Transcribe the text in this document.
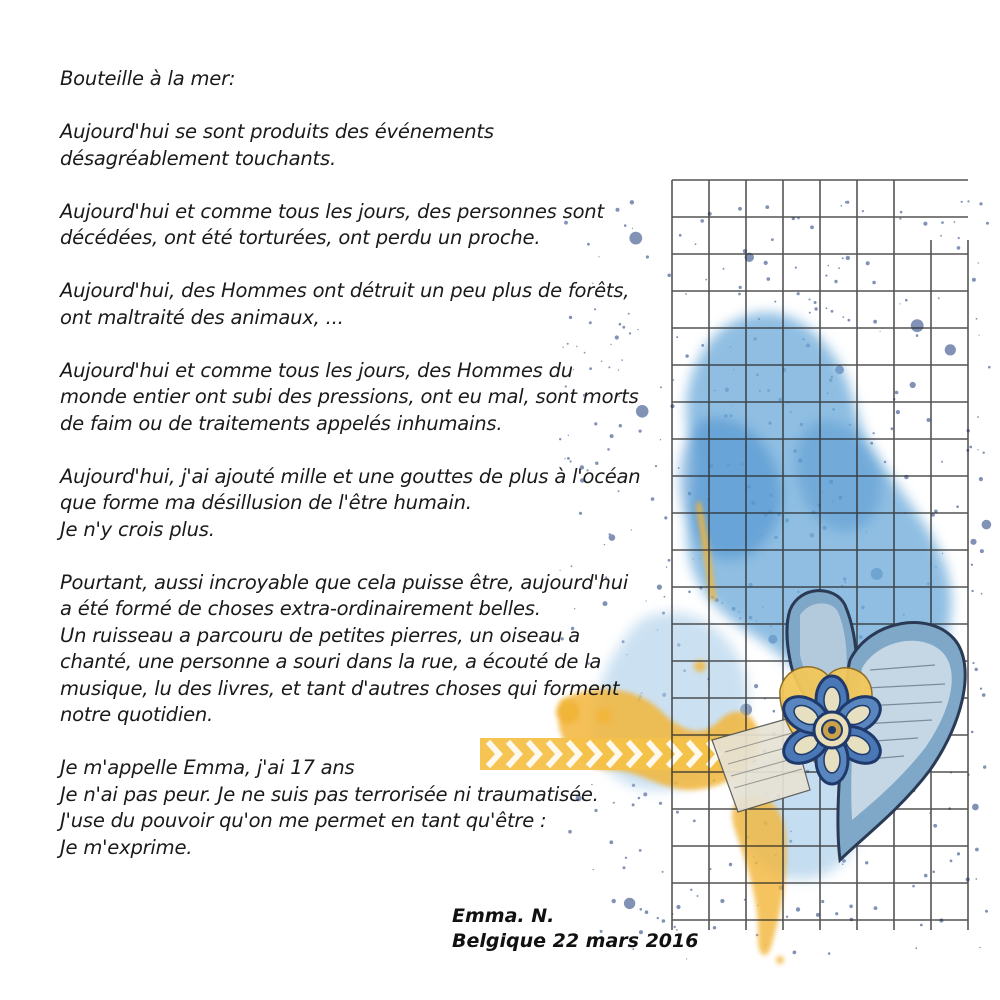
Bouteille à la mer:

Aujourd'hui se sont produits des événements
désagréablement touchants.

Aujourd'hui et comme tous les jours, des personnes sont
décédées, ont été torturées, ont perdu un proche.

Aujourd'hui, des Hommes ont détruit un peu plus de forêts,
ont maltraité des animaux, ...

Aujourd'hui et comme tous les jours, des Hommes du
monde entier ont subi des pressions, ont eu mal, sont morts
de faim ou de traitements appelés inhumains.

Aujourd'hui, j'ai ajouté mille et une gouttes de plus à l'océan
que forme ma désillusion de l'être humain.
Je n'y crois plus.

Pourtant, aussi incroyable que cela puisse être, aujourd'hui
a été formé de choses extra-ordinairement belles.
Un ruisseau a parcouru de petites pierres, un oiseau a
chanté, une personne a souri dans la rue, a écouté de la
musique, lu des livres, et tant d'autres choses qui forment
notre quotidien.

Je m'appelle Emma, j'ai 17 ans
Je n'ai pas peur. Je ne suis pas terrorisée ni traumatisée.
J'use du pouvoir qu'on me permet en tant qu'être :
Je m'exprime.

Emma. N.
Belgique 22 mars 2016
